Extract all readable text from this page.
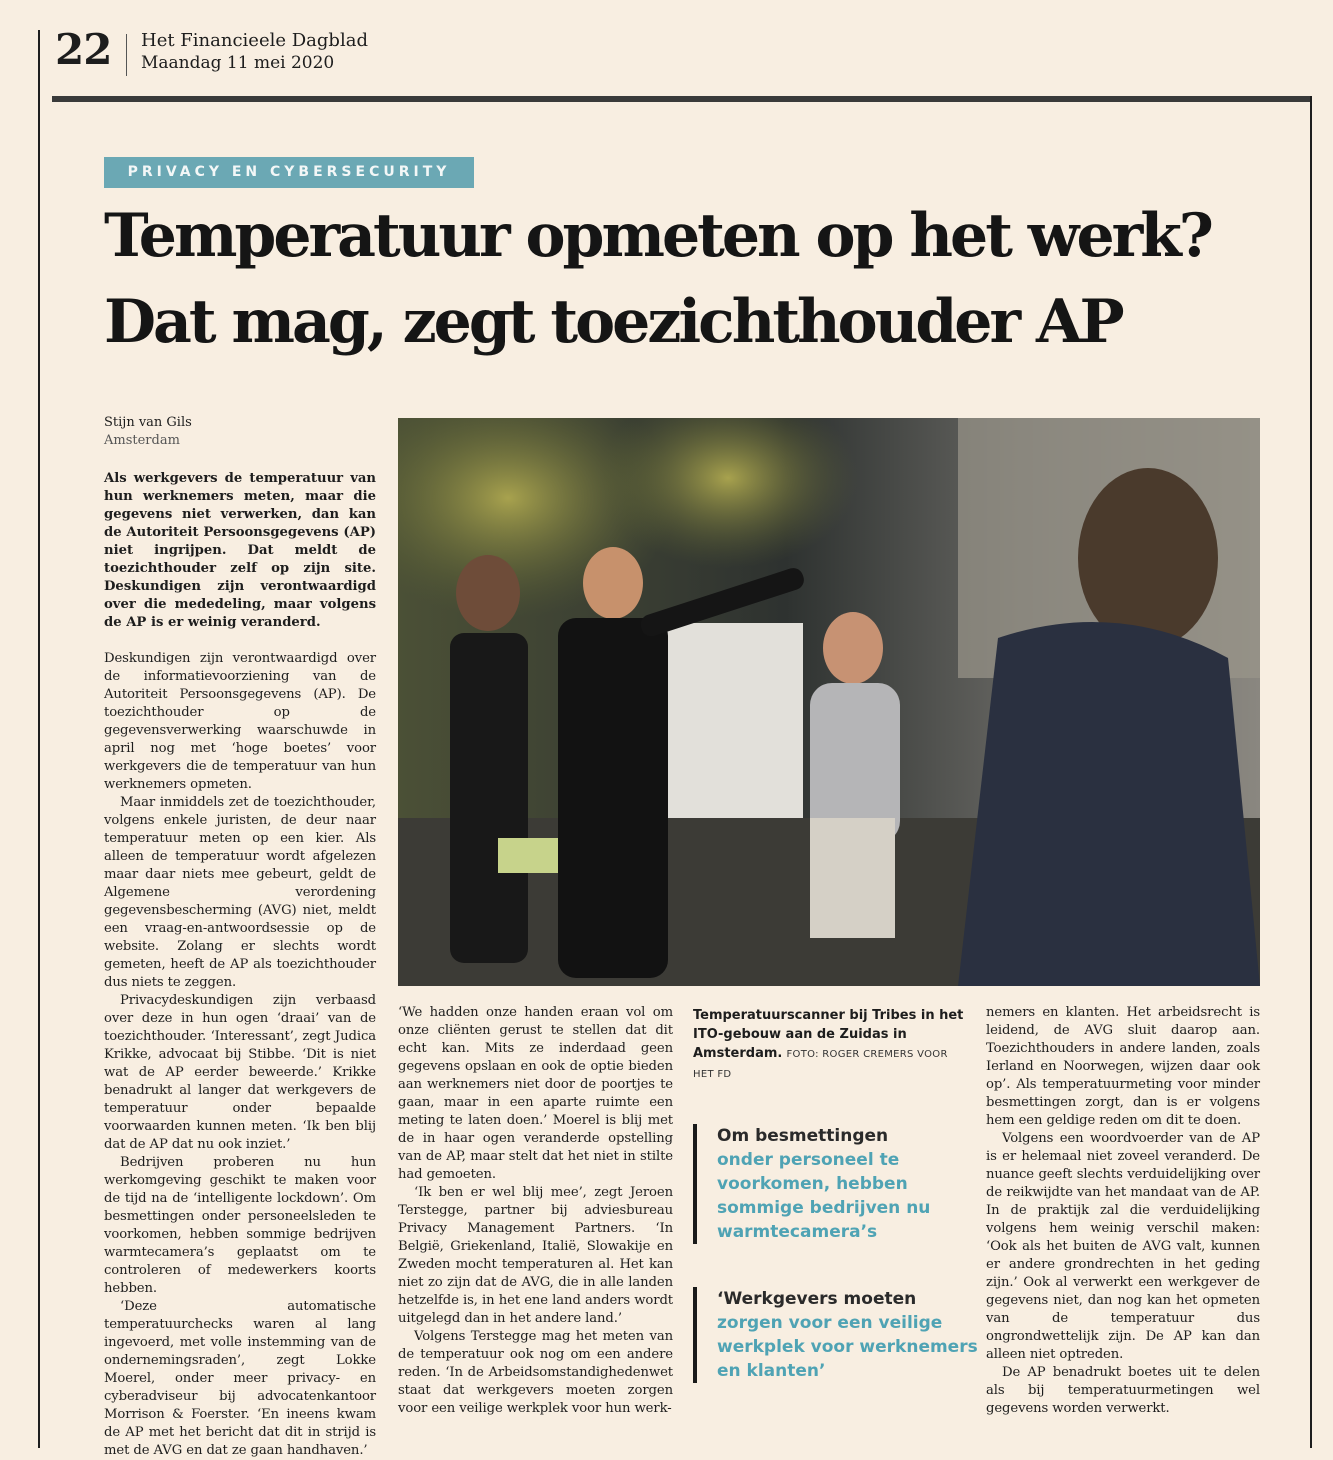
22 Het Financieele Dagblad
Maandag 11 mei 2020
PRIVACY EN CYBERSECURITY
Temperatuur opmeten op het werk?
Dat mag, zegt toezichthouder AP
Stijn van Gils
Amsterdam
Als werkgevers de temperatuur van hun werknemers meten, maar die gegevens niet verwerken, dan kan de Autoriteit Persoonsgegevens (AP) niet ingrijpen. Dat meldt de toezichthouder zelf op zijn site. Deskundigen zijn verontwaardigd over die mededeling, maar volgens de AP is er weinig veranderd.

Deskundigen zijn verontwaardigd over de informatievoorziening van de Autoriteit Persoonsgegevens (AP). De toezichthouder op de gegevensverwerking waarschuwde in april nog met ‘hoge boetes’ voor werkgevers die de temperatuur van hun werknemers opmeten.

Maar inmiddels zet de toezichthouder, volgens enkele juristen, de deur naar temperatuur meten op een kier. Als alleen de temperatuur wordt afgelezen maar daar niets mee gebeurt, geldt de Algemene verordening gegevensbescherming (AVG) niet, meldt een vraag-en-antwoordsessie op de website. Zolang er slechts wordt gemeten, heeft de AP als toezichthouder dus niets te zeggen.

Privacydeskundigen zijn verbaasd over deze in hun ogen ‘draai’ van de toezichthouder. ‘Interessant’, zegt Judica Krikke, advocaat bij Stibbe. ‘Dit is niet wat de AP eerder beweerde.’ Krikke benadrukt al langer dat werkgevers de temperatuur onder bepaalde voorwaarden kunnen meten. ‘Ik ben blij dat de AP dat nu ook inziet.’

Bedrijven proberen nu hun werkomgeving geschikt te maken voor de tijd na de ‘intelligente lockdown’. Om besmettingen onder personeelsleden te voorkomen, hebben sommige bedrijven warmtecamera’s geplaatst om te controleren of medewerkers koorts hebben.

‘Deze automatische temperatuurchecks waren al lang ingevoerd, met volle instemming van de ondernemingsraden’, zegt Lokke Moerel, onder meer privacy- en cyberadviseur bij advocatenkantoor Morrison & Foerster. ‘En ineens kwam de AP met het bericht dat dit in strijd is met de AVG en dat ze gaan handhaven.’

‘We hadden onze handen eraan vol om onze cliënten gerust te stellen dat dit echt kan. Mits ze inderdaad geen gegevens opslaan en ook de optie bieden aan werknemers niet door de poortjes te gaan, maar in een aparte ruimte een meting te laten doen.’ Moerel is blij met de in haar ogen veranderde opstelling van de AP, maar stelt dat het niet in stilte had gemoeten.

‘Ik ben er wel blij mee’, zegt Jeroen Terstegge, partner bij adviesbureau Privacy Management Partners. ‘In België, Griekenland, Italië, Slowakije en Zweden mocht temperaturen al. Het kan niet zo zijn dat de AVG, die in alle landen hetzelfde is, in het ene land anders wordt uitgelegd dan in het andere land.’

Volgens Terstegge mag het meten van de temperatuur ook nog om een andere reden. ‘In de Arbeidsomstandighedenwet staat dat werkgevers moeten zorgen voor een veilige werkplek voor hun werk-

Temperatuurscanner bij Tribes in het ITO-gebouw aan de Zuidas in Amsterdam. FOTO: ROGER CREMERS VOOR HET FD
Om besmettingen
onder personeel te voorkomen, hebben sommige bedrijven nu warmtecamera’s
‘Werkgevers moeten
zorgen voor een veilige werkplek voor werknemers en klanten’

nemers en klanten. Het arbeidsrecht is leidend, de AVG sluit daarop aan. Toezichthouders in andere landen, zoals Ierland en Noorwegen, wijzen daar ook op’. Als temperatuurmeting voor minder besmettingen zorgt, dan is er volgens hem een geldige reden om dit te doen.

Volgens een woordvoerder van de AP is er helemaal niet zoveel veranderd. De nuance geeft slechts verduidelijking over de reikwijdte van het mandaat van de AP. In de praktijk zal die verduidelijking volgens hem weinig verschil maken: ‘Ook als het buiten de AVG valt, kunnen er andere grondrechten in het geding zijn.’ Ook al verwerkt een werkgever de gegevens niet, dan nog kan het opmeten van de temperatuur dus ongrondwettelijk zijn. De AP kan dan alleen niet optreden.

De AP benadrukt boetes uit te delen als bij temperatuurmetingen wel gegevens worden verwerkt.
